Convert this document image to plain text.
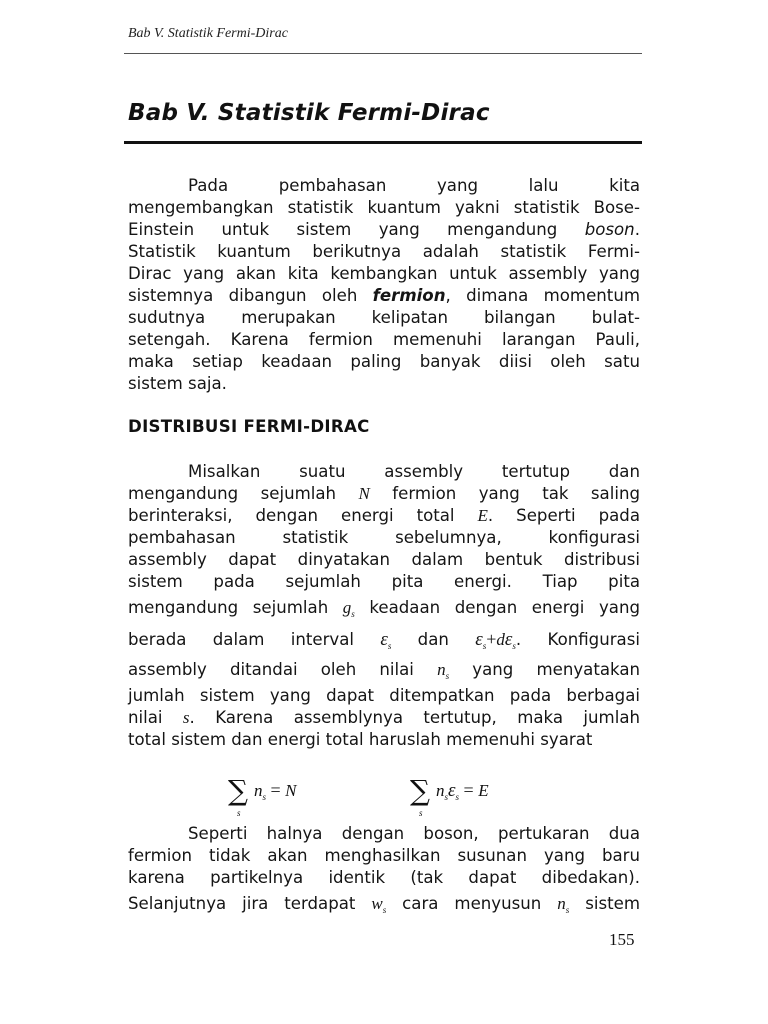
Bab V. Statistik Fermi-Dirac
Bab V. Statistik Fermi-Dirac
Pada pembahasan yang lalu kita
mengembangkan statistik kuantum yakni statistik Bose-
Einstein untuk sistem yang mengandung boson.
Statistik kuantum berikutnya adalah statistik Fermi-
Dirac yang akan kita kembangkan untuk assembly yang
sistemnya dibangun oleh fermion, dimana momentum
sudutnya merupakan kelipatan bilangan bulat-
setengah. Karena fermion memenuhi larangan Pauli,
maka setiap keadaan paling banyak diisi oleh satu
sistem saja.
DISTRIBUSI FERMI-DIRAC
Misalkan suatu assembly tertutup dan
mengandung sejumlah N fermion yang tak saling
berinteraksi, dengan energi total E. Seperti pada
pembahasan statistik sebelumnya, konfigurasi
assembly dapat dinyatakan dalam bentuk distribusi
sistem pada sejumlah pita energi. Tiap pita
mengandung sejumlah $g_s$ keadaan dengan energi yang
berada dalam interval $\varepsilon_s$ dan $\varepsilon_s+d\varepsilon_s$. Konfigurasi
assembly ditandai oleh nilai $n_s$ yang menyatakan
jumlah sistem yang dapat ditempatkan pada berbagai
nilai s. Karena assemblynya tertutup, maka jumlah
total sistem dan energi total haruslah memenuhi syarat
∑
s
$n_s = N$	∑
s
$n_s\varepsilon_s = E$
Seperti halnya dengan boson, pertukaran dua
fermion tidak akan menghasilkan susunan yang baru
karena partikelnya identik (tak dapat dibedakan).
Selanjutnya jira terdapat $w_s$ cara menyusun $n_s$ sistem
155
